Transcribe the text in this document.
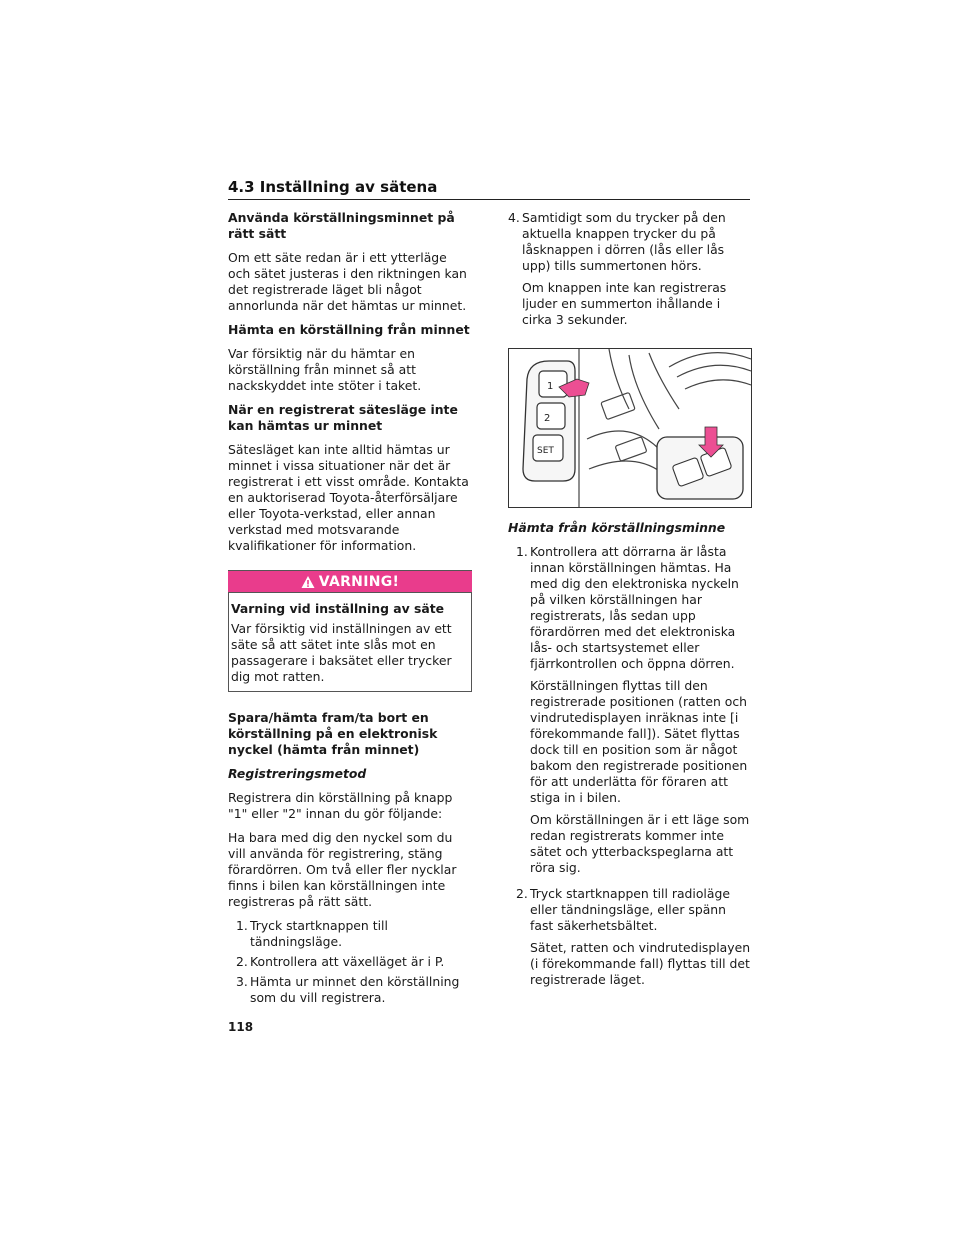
4.3 Inställning av sätena
Använda körställningsminnet på rätt sätt

Om ett säte redan är i ett ytterläge och sätet justeras i den riktningen kan det registrerade läget bli något annorlunda när det hämtas ur minnet.

Hämta en körställning från minnet

Var försiktig när du hämtar en körställning från minnet så att nackskyddet inte stöter i taket.

När en registrerat sätesläge inte kan hämtas ur minnet

Sätesläget kan inte alltid hämtas ur minnet i vissa situationer när det är registrerat i ett visst område. Kontakta en auktoriserad Toyota-återförsäljare eller Toyota-verkstad, eller annan verkstad med motsvarande kvalifikationer för information.

VARNING!
Varning vid inställning av säte

Var försiktig vid inställningen av ett säte så att sätet inte slås mot en passagerare i baksätet eller trycker dig mot ratten.

Spara/hämta fram/ta bort en körställning på en elektronisk nyckel (hämta från minnet)
Registreringsmetod

Registrera din körställning på knapp "1" eller "2" innan du gör följande:

Ha bara med dig den nyckel som du vill använda för registrering, stäng förardörren. Om två eller fler nycklar finns i bilen kan körställningen inte registreras på rätt sätt.

1. Tryck startknappen till tändningsläge.
2. Kontrollera att växelläget är i P.
3. Hämta ur minnet den körställning som du vill registrera.
4. Samtidigt som du trycker på den aktuella knappen trycker du på låsknappen i dörren (lås eller lås upp) tills summertonen hörs.

Om knappen inte kan registreras ljuder en summerton ihållande i cirka 3 sekunder.

1
2
SET
Hämta från körställningsminne
1. Kontrollera att dörrarna är låsta innan körställningen hämtas. Ha med dig den elektroniska nyckeln på vilken körställningen har registrerats, lås sedan upp förardörren med det elektroniska lås- och startsystemet eller fjärrkontrollen och öppna dörren.

Körställningen flyttas till den registrerade positionen (ratten och vindrutedisplayen inräknas inte [i förekommande fall]). Sätet flyttas dock till en position som är något bakom den registrerade positionen för att underlätta för föraren att stiga in i bilen.

Om körställningen är i ett läge som redan registrerats kommer inte sätet och ytterbackspeglarna att röra sig.

2. Tryck startknappen till radioläge eller tändningsläge, eller spänn fast säkerhetsbältet.

Sätet, ratten och vindrutedisplayen (i förekommande fall) flyttas till det registrerade läget.

118
